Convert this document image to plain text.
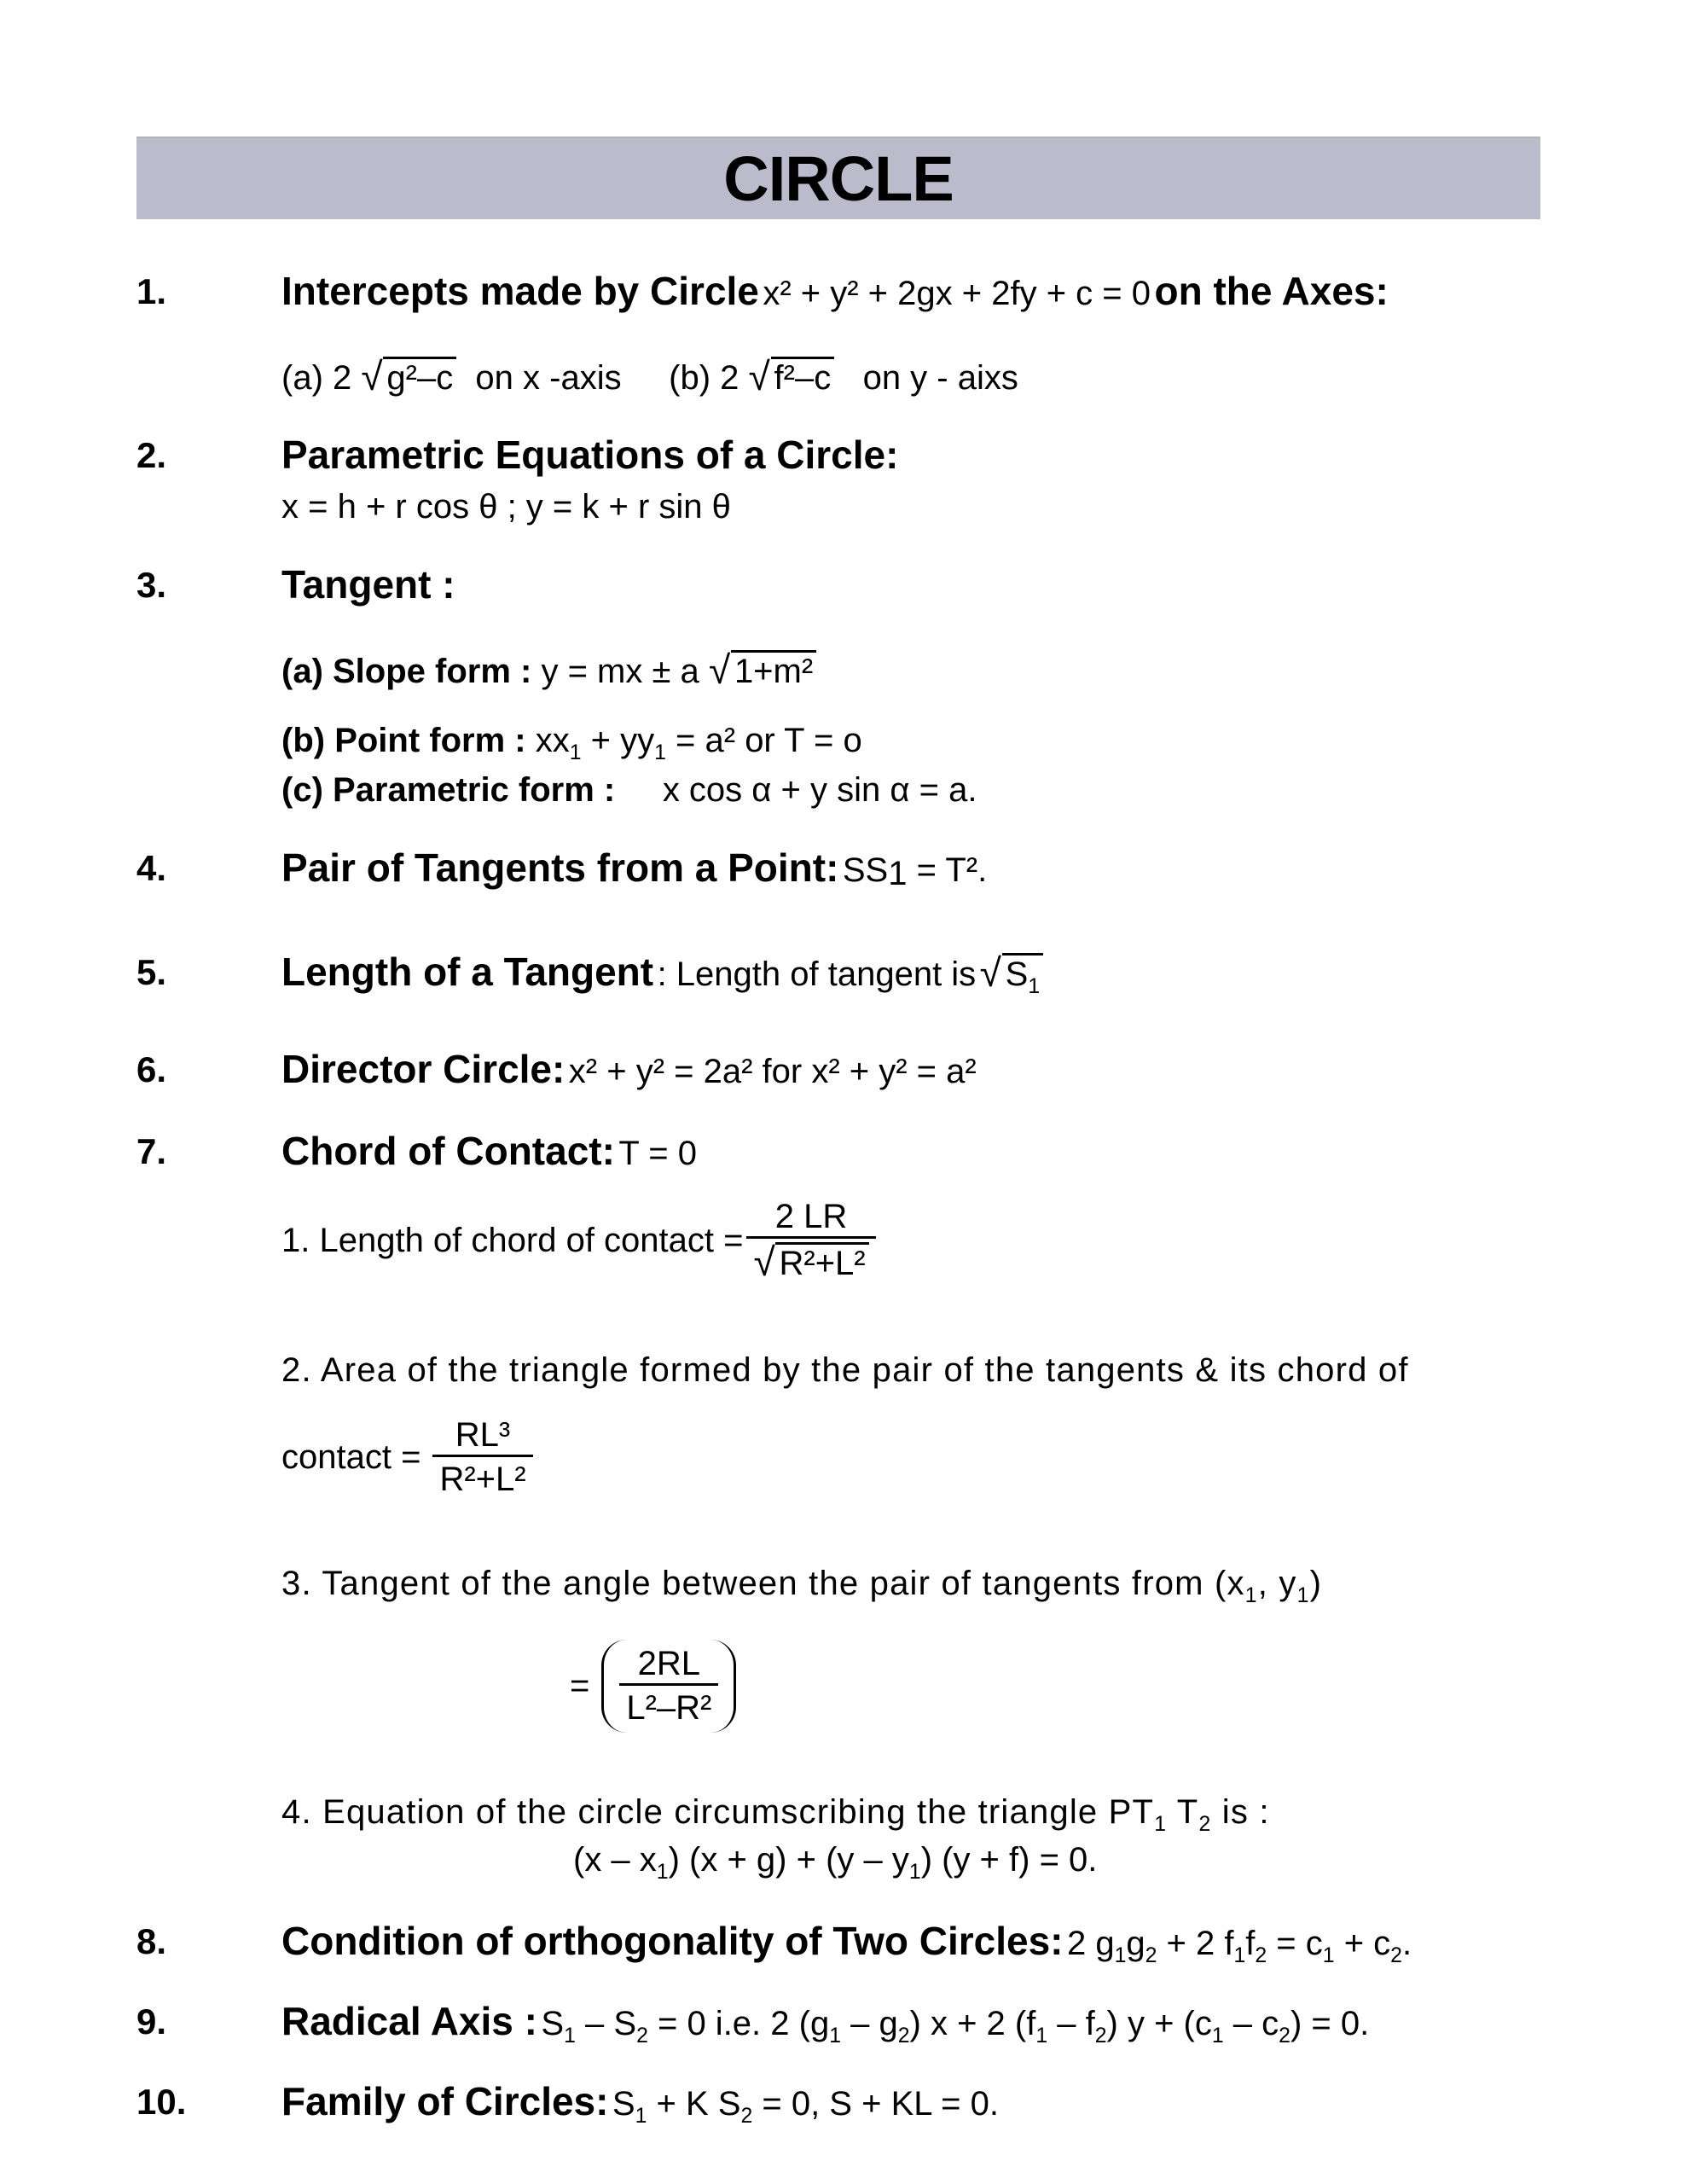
CIRCLE
1.	Intercepts made by Circle x² + y² + 2gx + 2fy + c = 0 on the Axes:
(a) 2 √ g²–c on x -axis (b) 2 √ f²–c on y - aixs
2.	Parametric Equations of a Circle:
x = h + r cos θ ; y = k + r sin θ
3.	Tangent :
(a) Slope form : y = mx ± a √ 1+m²
(b) Point form : $xx_1 + yy_1 = a^2$ or T = o
(c) Parametric form : x cos α + y sin α = a.
4.	Pair of Tangents from a Point: $SS_1 = T^2$.
5.	Length of a Tangent : Length of tangent is √ $S_1$
6.	Director Circle: x² + y² = 2a² for x² + y² = a²
7.	Chord of Contact: T = 0
1. Length of chord of contact = 2 LR
√ R²+L²
2. Area of the triangle formed by the pair of the tangents & its chord of
contact = $\frac{\text{RL³}}{\text{R²+L²}}$
3. Tangent of the angle between the pair of tangents from ($x_1$, $y_1$)
= $\frac{2RL}{\text{L²–R²}}$
4. Equation of the circle circumscribing the triangle $PT_1$ $T_2$ is :
$(x - x_1)$ $(x + g) + (y - y_1)$ (y + f) = 0.
8.	Condition of orthogonality of Two Circles: 2 $g_1g_2 + 2$ $f_1f_2 = c_1 + c_2$.
9.	Radical Axis : $S_1 - S_2 = 0$ i.e. 2 $(g_1 - g_2) x + 2$ $(f_1 - f_2) y + (c_1 - c_2) = 0$.
10. Family of Circles: $S_1 + K$ $S_2 = 0$, S + KL = 0.
